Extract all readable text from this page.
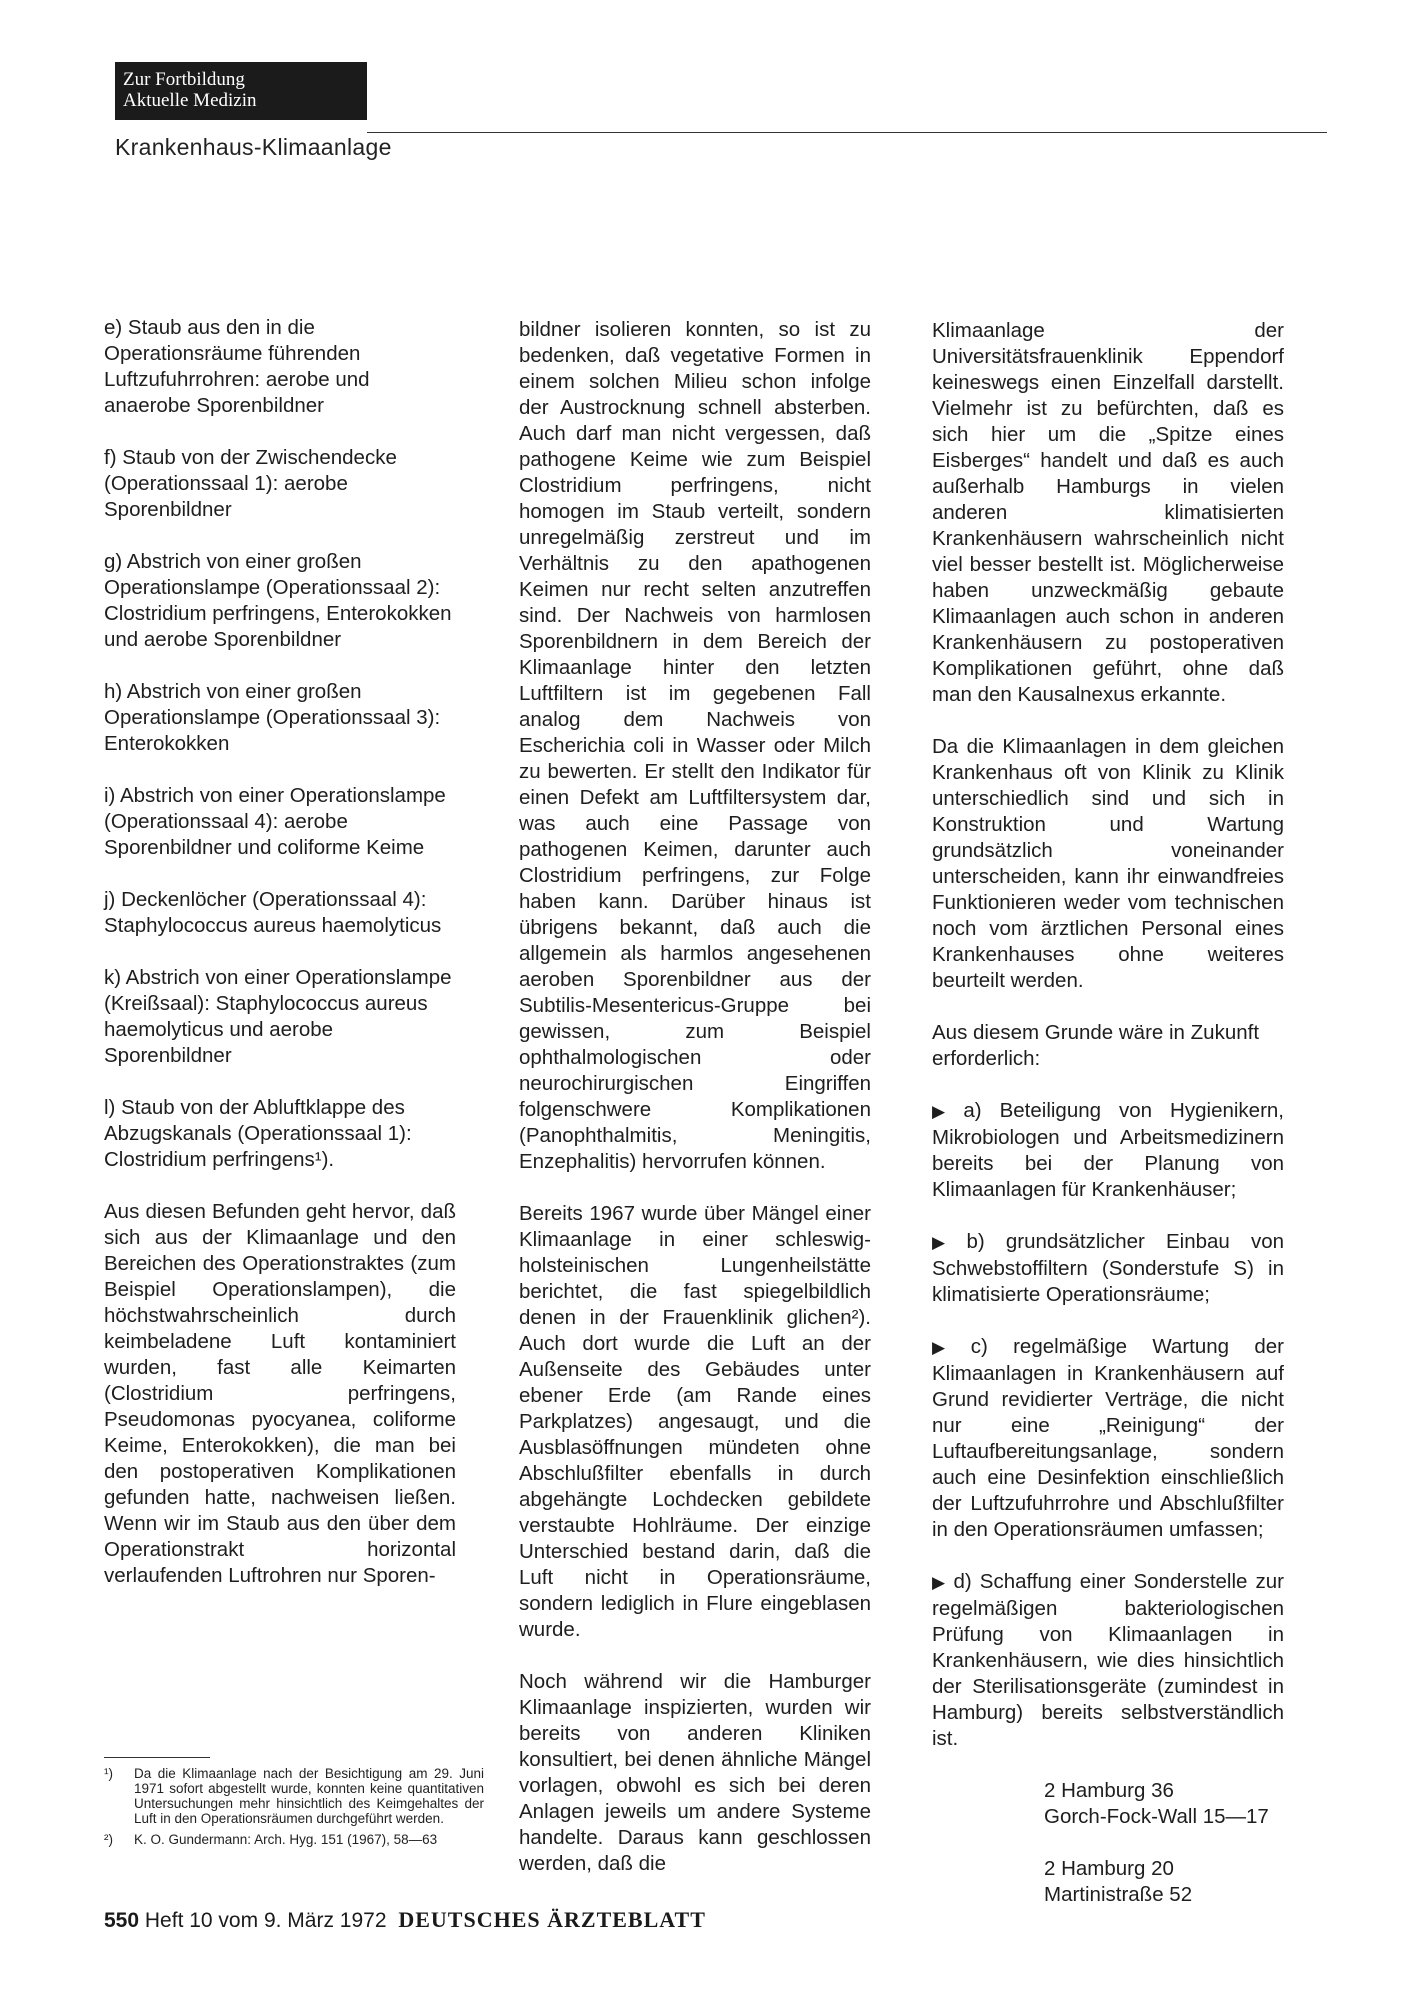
Zur Fortbildung
Aktuelle Medizin
Krankenhaus-Klimaanlage

e) Staub aus den in die Operationsräume führenden Luftzufuhrrohren: aerobe und anaerobe Sporenbildner

f) Staub von der Zwischendecke (Operationssaal 1): aerobe Sporenbildner

g) Abstrich von einer großen Operationslampe (Operationssaal 2): Clostridium perfringens, Enterokokken und aerobe Sporenbildner

h) Abstrich von einer großen Operationslampe (Operationssaal 3): Enterokokken

i) Abstrich von einer Operationslampe (Operationssaal 4): aerobe Sporenbildner und coliforme Keime

j) Deckenlöcher (Operationssaal 4): Staphylococcus aureus haemolyticus

k) Abstrich von einer Operationslampe (Kreißsaal): Staphylococcus aureus haemolyticus und aerobe Sporenbildner

l) Staub von der Abluftklappe des Abzugskanals (Operationssaal 1): Clostridium perfringens¹).

Aus diesen Befunden geht hervor, daß sich aus der Klimaanlage und den Bereichen des Operationstraktes (zum Beispiel Operationslampen), die höchstwahrscheinlich durch keimbeladene Luft kontaminiert wurden, fast alle Keimarten (Clostridium perfringens, Pseudomonas pyocyanea, coliforme Keime, Enterokokken), die man bei den postoperativen Komplikationen gefunden hatte, nachweisen ließen. Wenn wir im Staub aus den über dem Operationstrakt horizontal verlaufenden Luftrohren nur Sporen-

bildner isolieren konnten, so ist zu bedenken, daß vegetative Formen in einem solchen Milieu schon infolge der Austrocknung schnell absterben. Auch darf man nicht vergessen, daß pathogene Keime wie zum Beispiel Clostridium perfringens, nicht homogen im Staub verteilt, sondern unregelmäßig zerstreut und im Verhältnis zu den apathogenen Keimen nur recht selten anzutreffen sind. Der Nachweis von harmlosen Sporenbildnern in dem Bereich der Klimaanlage hinter den letzten Luftfiltern ist im gegebenen Fall analog dem Nachweis von Escherichia coli in Wasser oder Milch zu bewerten. Er stellt den Indikator für einen Defekt am Luftfiltersystem dar, was auch eine Passage von pathogenen Keimen, darunter auch Clostridium perfringens, zur Folge haben kann. Darüber hinaus ist übrigens bekannt, daß auch die allgemein als harmlos angesehenen aeroben Sporenbildner aus der Subtilis-Mesentericus-Gruppe bei gewissen, zum Beispiel ophthalmologischen oder neurochirurgischen Eingriffen folgenschwere Komplikationen (Panophthalmitis, Meningitis, Enzephalitis) hervorrufen können.

Bereits 1967 wurde über Mängel einer Klimaanlage in einer schleswig-holsteinischen Lungenheilstätte berichtet, die fast spiegelbildlich denen in der Frauenklinik glichen²). Auch dort wurde die Luft an der Außenseite des Gebäudes unter ebener Erde (am Rande eines Parkplatzes) angesaugt, und die Ausblasöffnungen mündeten ohne Abschlußfilter ebenfalls in durch abgehängte Lochdecken gebildete verstaubte Hohlräume. Der einzige Unterschied bestand darin, daß die Luft nicht in Operationsräume, sondern lediglich in Flure eingeblasen wurde.

Noch während wir die Hamburger Klimaanlage inspizierten, wurden wir bereits von anderen Kliniken konsultiert, bei denen ähnliche Mängel vorlagen, obwohl es sich bei deren Anlagen jeweils um andere Systeme handelte. Daraus kann geschlossen werden, daß die

Klimaanlage der Universitätsfrauenklinik Eppendorf keineswegs einen Einzelfall darstellt. Vielmehr ist zu befürchten, daß es sich hier um die „Spitze eines Eisberges“ handelt und daß es auch außerhalb Hamburgs in vielen anderen klimatisierten Krankenhäusern wahrscheinlich nicht viel besser bestellt ist. Möglicherweise haben unzweckmäßig gebaute Klimaanlagen auch schon in anderen Krankenhäusern zu postoperativen Komplikationen geführt, ohne daß man den Kausalnexus erkannte.

Da die Klimaanlagen in dem gleichen Krankenhaus oft von Klinik zu Klinik unterschiedlich sind und sich in Konstruktion und Wartung grundsätzlich voneinander unterscheiden, kann ihr einwandfreies Funktionieren weder vom technischen noch vom ärztlichen Personal eines Krankenhauses ohne weiteres beurteilt werden.

Aus diesem Grunde wäre in Zukunft erforderlich:

▶ a) Beteiligung von Hygienikern, Mikrobiologen und Arbeitsmedizinern bereits bei der Planung von Klimaanlagen für Krankenhäuser;

▶ b) grundsätzlicher Einbau von Schwebstoffiltern (Sonderstufe S) in klimatisierte Operationsräume;

▶ c) regelmäßige Wartung der Klimaanlagen in Krankenhäusern auf Grund revidierter Verträge, die nicht nur eine „Reinigung“ der Luftaufbereitungsanlage, sondern auch eine Desinfektion einschließlich der Luftzufuhrrohre und Abschlußfilter in den Operationsräumen umfassen;

▶ d) Schaffung einer Sonderstelle zur regelmäßigen bakteriologischen Prüfung von Klimaanlagen in Krankenhäusern, wie dies hinsichtlich der Sterilisationsgeräte (zumindest in Hamburg) bereits selbstverständlich ist.

2 Hamburg 36
Gorch-Fock-Wall 15—17
2 Hamburg 20
Martinistraße 52
¹)	Da die Klimaanlage nach der Besichtigung am 29. Juni 1971 sofort abgestellt wurde, konnten keine quantitativen Untersuchungen mehr hinsichtlich des Keimgehaltes der Luft in den Operationsräumen durchgeführt werden.
²)	K. O. Gundermann: Arch. Hyg. 151 (1967), 58—63
550 Heft 10 vom 9. März 1972 DEUTSCHES ÄRZTEBLATT
